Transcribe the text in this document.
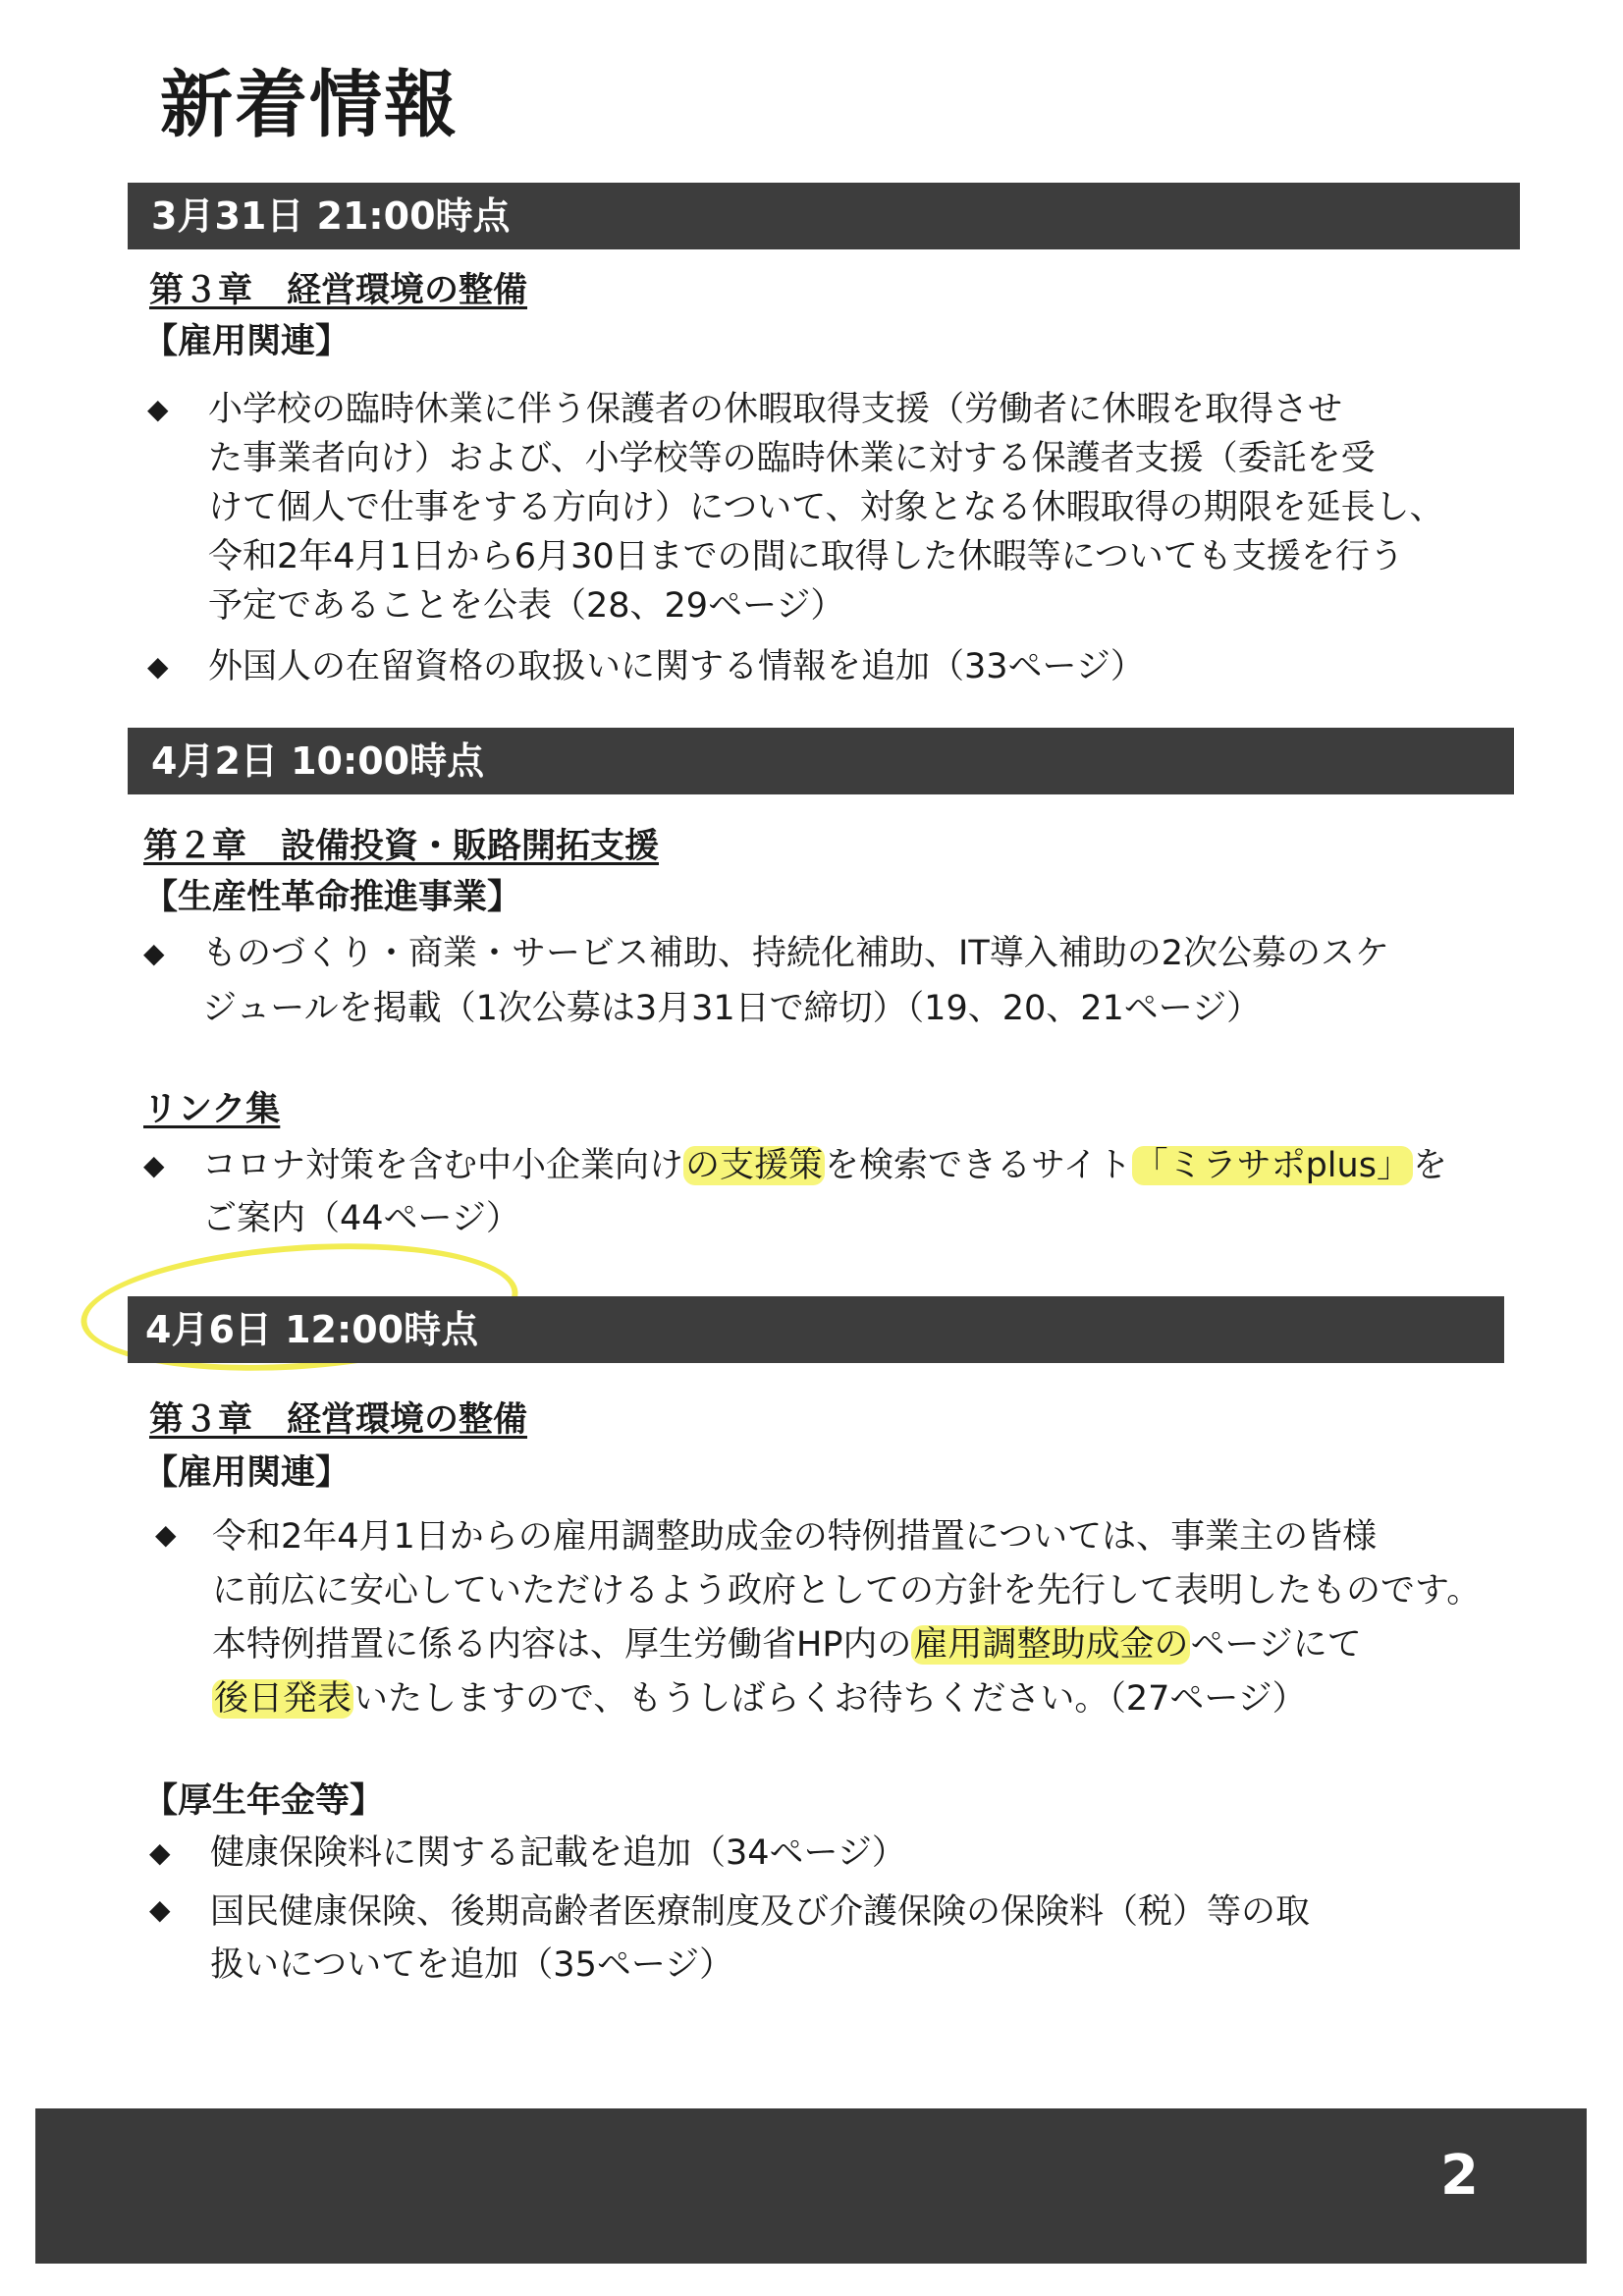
新着情報
3月31日 21:00時点
第３章　経営環境の整備
【雇用関連】
◆ 小学校の臨時休業に伴う保護者の休暇取得支援（労働者に休暇を取得させ
た事業者向け）および、小学校等の臨時休業に対する保護者支援（委託を受
けて個人で仕事をする方向け）について、対象となる休暇取得の期限を延長し、
令和2年4月1日から6月30日までの間に取得した休暇等についても支援を行う
予定であることを公表（28、29ページ）
◆ 外国人の在留資格の取扱いに関する情報を追加（33ページ）
4月2日 10:00時点
第２章　設備投資・販路開拓支援
【生産性革命推進事業】
◆ ものづくり・商業・サービス補助、持続化補助、IT導入補助の2次公募のスケ
ジュールを掲載（1次公募は3月31日で締切）（19、20、21ページ）
リンク集
◆ コロナ対策を含む中小企業向けの支援策を検索できるサイト「ミラサポplus」を
ご案内（44ページ）
4月6日 12:00時点
第３章　経営環境の整備
【雇用関連】
◆ 令和2年4月1日からの雇用調整助成金の特例措置については、事業主の皆様
に前広に安心していただけるよう政府としての方針を先行して表明したものです。
本特例措置に係る内容は、厚生労働省HP内の雇用調整助成金のページにて
後日発表いたしますので、もうしばらくお待ちください。（27ページ）
【厚生年金等】
◆ 健康保険料に関する記載を追加（34ページ）
◆ 国民健康保険、後期高齢者医療制度及び介護保険の保険料（税）等の取
扱いについてを追加（35ページ）
2
